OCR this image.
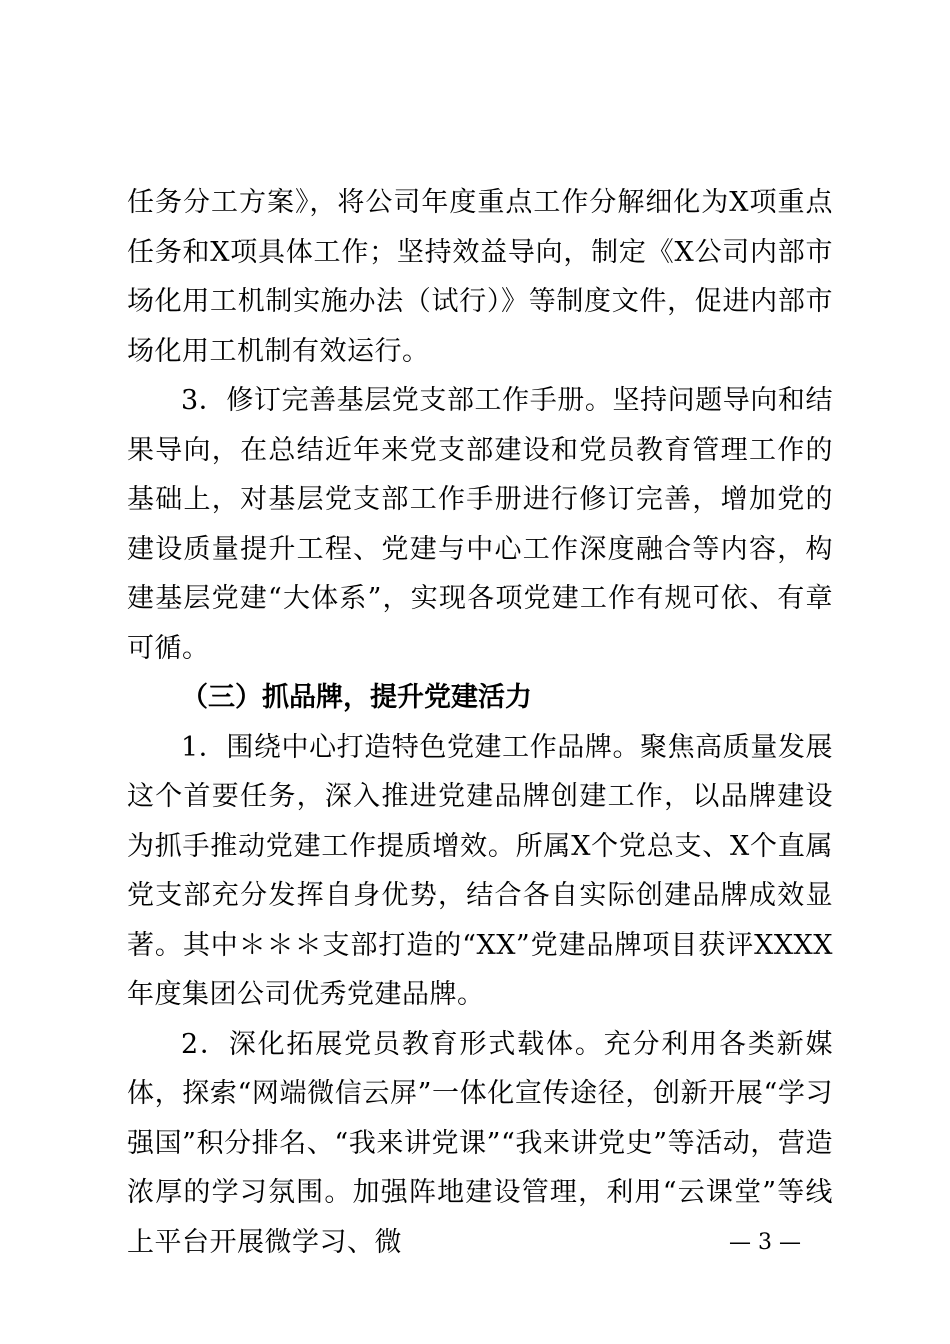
任务分工方案》，将公司年度重点工作分解细化为X项重点任务和X项具体工作；坚持效益导向，制定《X公司内部市场化用工机制实施办法（试行）》等制度文件，促进内部市场化用工机制有效运行。

3．修订完善基层党支部工作手册。坚持问题导向和结果导向，在总结近年来党支部建设和党员教育管理工作的基础上，对基层党支部工作手册进行修订完善，增加党的建设质量提升工程、党建与中心工作深度融合等内容，构建基层党建“大体系”，实现各项党建工作有规可依、有章可循。

（三）抓品牌，提升党建活力

1．围绕中心打造特色党建工作品牌。聚焦高质量发展这个首要任务，深入推进党建品牌创建工作，以品牌建设为抓手推动党建工作提质增效。所属X个党总支、X个直属党支部充分发挥自身优势，结合各自实际创建品牌成效显著。其中＊＊＊支部打造的“XX”党建品牌项目获评XXXX年度集团公司优秀党建品牌。

2．深化拓展党员教育形式载体。充分利用各类新媒体，探索“网端微信云屏”一体化宣传途径，创新开展“学习强国”积分排名、“我来讲党课”“我来讲党史”等活动，营造浓厚的学习氛围。加强阵地建设管理，利用“云课堂”等线上平台开展微学习、微	— 3 —
